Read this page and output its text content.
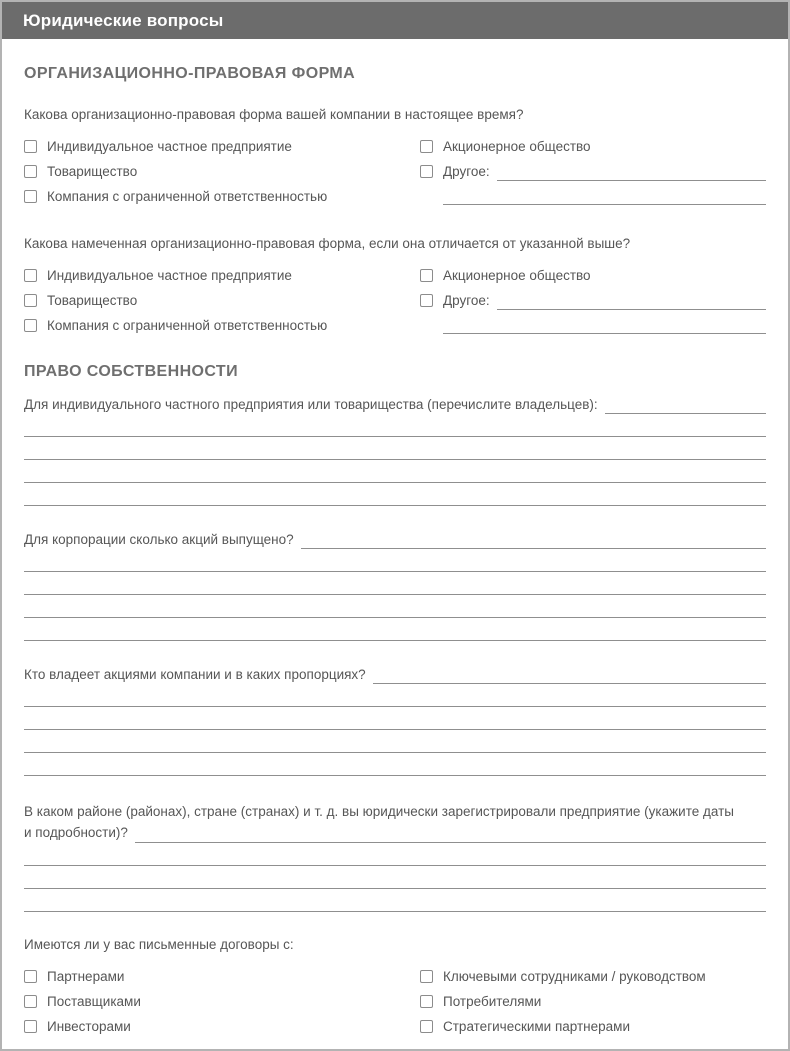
Юридические вопросы
ОРГАНИЗАЦИОННО-ПРАВОВАЯ ФОРМА
Какова организационно-правовая форма вашей компании в настоящее время?
Индивидуальное частное предприятие
Товарищество
Компания с ограниченной ответственностью
Акционерное общество
Другое:
Какова намеченная организационно-правовая форма, если она отличается от указанной выше?
Индивидуальное частное предприятие
Товарищество
Компания с ограниченной ответственностью
Акционерное общество
Другое:
ПРАВО СОБСТВЕННОСТИ
Для индивидуального частного предприятия или товарищества (перечислите владельцев):
Для корпорации сколько акций выпущено?
Кто владеет акциями компании и в каких пропорциях?
В каком районе (районах), стране (странах) и т. д. вы юридически зарегистрировали предприятие (укажите даты
и подробности)?
Имеются ли у вас письменные договоры с:
Партнерами
Поставщиками
Инвесторами
Ключевыми сотрудниками / руководством
Потребителями
Стратегическими партнерами
